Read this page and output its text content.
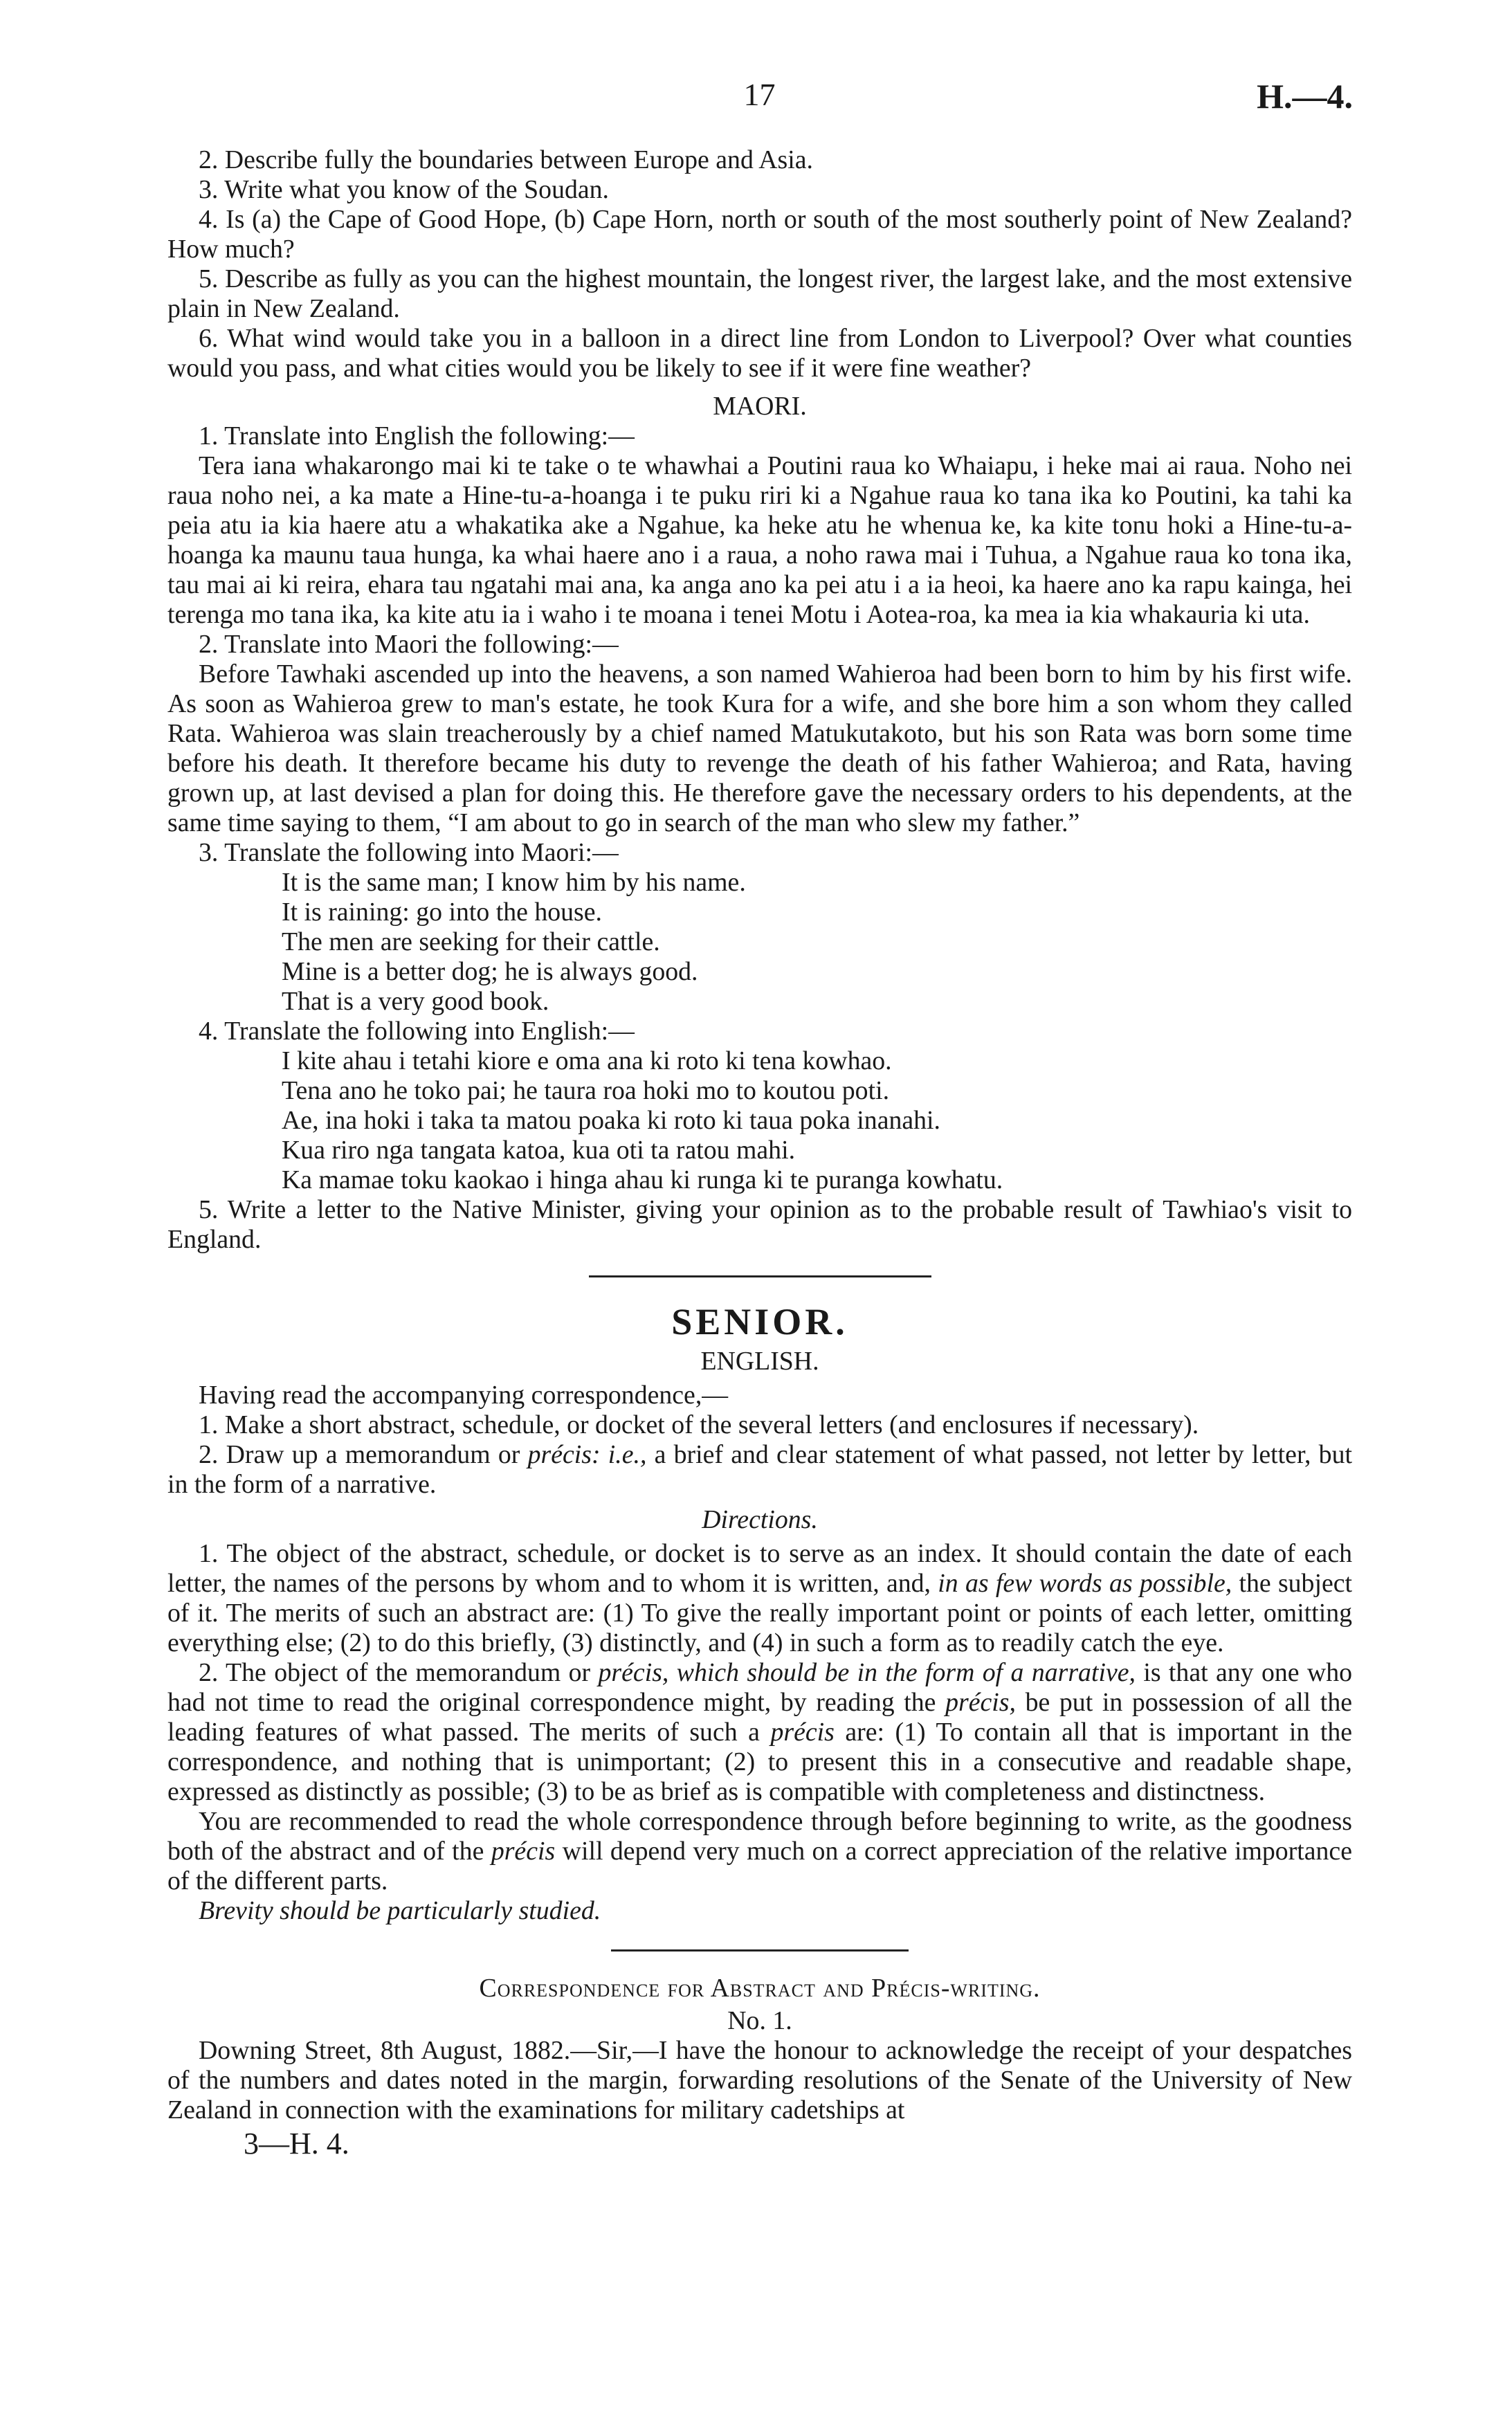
17	H.—4.

2. Describe fully the boundaries between Europe and Asia.

3. Write what you know of the Soudan.

4. Is (a) the Cape of Good Hope, (b) Cape Horn, north or south of the most southerly point of New Zealand? How much?

5. Describe as fully as you can the highest mountain, the longest river, the largest lake, and the most extensive plain in New Zealand.

6. What wind would take you in a balloon in a direct line from London to Liverpool? Over what counties would you pass, and what cities would you be likely to see if it were fine weather?

MAORI.

1. Translate into English the following:—

Tera iana whakarongo mai ki te take o te whawhai a Poutini raua ko Whaiapu, i heke mai ai raua. Noho nei raua noho nei, a ka mate a Hine-tu-a-hoanga i te puku riri ki a Ngahue raua ko tana ika ko Poutini, ka tahi ka peia atu ia kia haere atu a whakatika ake a Ngahue, ka heke atu he whenua ke, ka kite tonu hoki a Hine-tu-a-hoanga ka maunu taua hunga, ka whai haere ano i a raua, a noho rawa mai i Tuhua, a Ngahue raua ko tona ika, tau mai ai ki reira, ehara tau ngatahi mai ana, ka anga ano ka pei atu i a ia heoi, ka haere ano ka rapu kainga, hei terenga mo tana ika, ka kite atu ia i waho i te moana i tenei Motu i Aotea-roa, ka mea ia kia whakauria ki uta.

2. Translate into Maori the following:—

Before Tawhaki ascended up into the heavens, a son named Wahieroa had been born to him by his first wife. As soon as Wahieroa grew to man's estate, he took Kura for a wife, and she bore him a son whom they called Rata. Wahieroa was slain treacherously by a chief named Matukutakoto, but his son Rata was born some time before his death. It therefore became his duty to revenge the death of his father Wahieroa; and Rata, having grown up, at last devised a plan for doing this. He therefore gave the necessary orders to his dependents, at the same time saying to them, “I am about to go in search of the man who slew my father.”

3. Translate the following into Maori:—

It is the same man; I know him by his name.

It is raining: go into the house.

The men are seeking for their cattle.

Mine is a better dog; he is always good.

That is a very good book.

4. Translate the following into English:—

I kite ahau i tetahi kiore e oma ana ki roto ki tena kowhao.

Tena ano he toko pai; he taura roa hoki mo to koutou poti.

Ae, ina hoki i taka ta matou poaka ki roto ki taua poka inanahi.

Kua riro nga tangata katoa, kua oti ta ratou mahi.

Ka mamae toku kaokao i hinga ahau ki runga ki te puranga kowhatu.

5. Write a letter to the Native Minister, giving your opinion as to the probable result of Tawhiao's visit to England.

SENIOR.

ENGLISH.

Having read the accompanying correspondence,—

1. Make a short abstract, schedule, or docket of the several letters (and enclosures if necessary).

2. Draw up a memorandum or précis: i.e., a brief and clear statement of what passed, not letter by letter, but in the form of a narrative.

Directions.

1. The object of the abstract, schedule, or docket is to serve as an index. It should contain the date of each letter, the names of the persons by whom and to whom it is written, and, in as few words as possible, the subject of it. The merits of such an abstract are: (1) To give the really important point or points of each letter, omitting everything else; (2) to do this briefly, (3) distinctly, and (4) in such a form as to readily catch the eye.

2. The object of the memorandum or précis, which should be in the form of a narrative, is that any one who had not time to read the original correspondence might, by reading the précis, be put in possession of all the leading features of what passed. The merits of such a précis are: (1) To contain all that is important in the correspondence, and nothing that is unimportant; (2) to present this in a consecutive and readable shape, expressed as distinctly as possible; (3) to be as brief as is compatible with completeness and distinctness.

You are recommended to read the whole correspondence through before beginning to write, as the goodness both of the abstract and of the précis will depend very much on a correct appreciation of the relative importance of the different parts.

Brevity should be particularly studied.

Correspondence for Abstract and Précis-writing.

No. 1.

Downing Street, 8th August, 1882.—Sir,—I have the honour to acknowledge the receipt of your despatches of the numbers and dates noted in the margin, forwarding resolutions of the Senate of the University of New Zealand in connection with the examinations for military cadetships at

3—H. 4.
